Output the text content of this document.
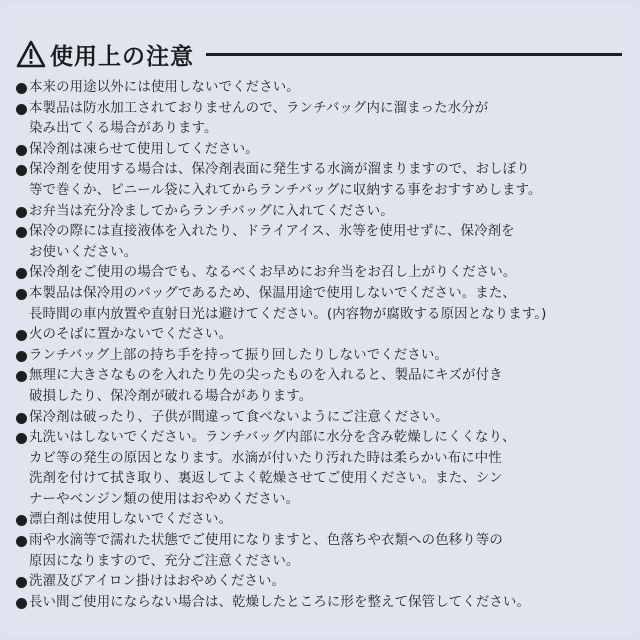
使用上の注意
本来の用途以外には使用しないでください。
本製品は防水加工されておりませんので、ランチバッグ内に溜まった水分が
染み出てくる場合があります。
保冷剤は凍らせて使用してください。
保冷剤を使用する場合は、保冷剤表面に発生する水滴が溜まりますので、おしぼり
等で巻くか、ビニール袋に入れてからランチバッグに収納する事をおすすめします。
お弁当は充分冷ましてからランチバッグに入れてください。
保冷の際には直接液体を入れたり、ドライアイス、氷等を使用せずに、保冷剤を
お使いください。
保冷剤をご使用の場合でも、なるべくお早めにお弁当をお召し上がりください。
本製品は保冷用のバッグであるため、保温用途で使用しないでください。また、
長時間の車内放置や直射日光は避けてください。(内容物が腐敗する原因となります。)
火のそばに置かないでください。
ランチバッグ上部の持ち手を持って振り回したりしないでください。
無理に大きさなものを入れたり先の尖ったものを入れると、製品にキズが付き
破損したり、保冷剤が破れる場合があります。
保冷剤は破ったり、子供が間違って食べないようにご注意ください。
丸洗いはしないでください。ランチバッグ内部に水分を含み乾燥しにくくなり、
カビ等の発生の原因となります。水滴が付いたり汚れた時は柔らかい布に中性
洗剤を付けて拭き取り、裏返してよく乾燥させてご使用ください。また、シン
ナーやベンジン類の使用はおやめください。
漂白剤は使用しないでください。
雨や水滴等で濡れた状態でご使用になりますと、色落ちや衣類への色移り等の
原因になりますので、充分ご注意ください。
洗濯及びアイロン掛けはおやめください。
長い間ご使用にならない場合は、乾燥したところに形を整えて保管してください。
